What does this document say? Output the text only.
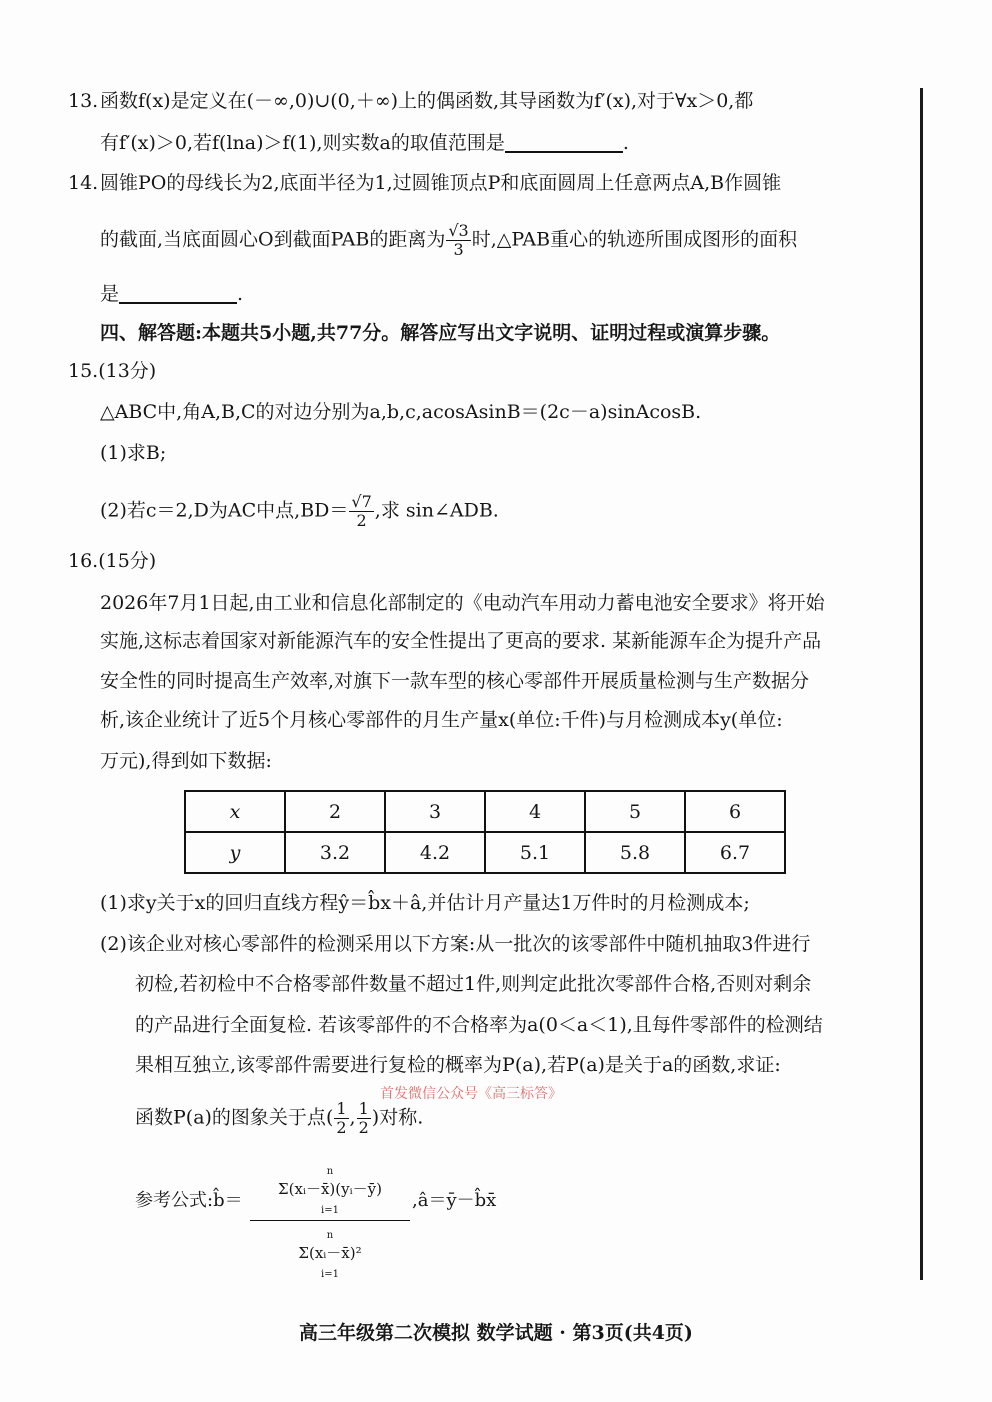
13. 函数f(x)是定义在(－∞,0)∪(0,＋∞)上的偶函数,其导函数为f′(x),对于∀x＞0,都
有f′(x)＞0,若f(lna)＞f(1),则实数a的取值范围是	.
14. 圆锥PO的母线长为2,底面半径为1,过圆锥顶点P和底面圆周上任意两点A,B作圆锥
的截面,当底面圆心O到截面PAB的距离为 $\frac{√3}{3}$ 时,△PAB重心的轨迹所围成图形的面积
是	.
四、解答题:本题共5小题,共77分。解答应写出文字说明、证明过程或演算步骤。
15.(13分)
△ABC中,角A,B,C的对边分别为a,b,c,acosAsinB＝(2c－a)sinAcosB.
(1)求B;
(2)若c＝2,D为AC中点$,BD= \frac{√7}{2}$ ,求 sin∠ADB.
16.(15分)
2026年7月1日起,由工业和信息化部制定的《电动汽车用动力蓄电池安全要求》将开始
实施,这标志着国家对新能源汽车的安全性提出了更高的要求. 某新能源车企为提升产品
安全性的同时提高生产效率,对旗下一款车型的核心零部件开展质量检测与生产数据分
析,该企业统计了近5个月核心零部件的月生产量x(单位:千件)与月检测成本y(单位:
万元),得到如下数据:
x	2	3	4	5	6
y	3.2	4.2	5.1	5.8	6.7
(1)求y关于x的回归直线方程ŷ＝b̂x＋â,并估计月产量达1万件时的月检测成本;
(2)该企业对核心零部件的检测采用以下方案:从一批次的该零部件中随机抽取3件进行
初检,若初检中不合格零部件数量不超过1件,则判定此批次零部件合格,否则对剩余
的产品进行全面复检. 若该零部件的不合格率为a(0＜a＜1),且每件零部件的检测结
果相互独立,该零部件需要进行复检的概率为P(a),若P(a)是关于a的函数,求证:
首发微信公众号《高三标答》
函数P(a)的图象关于点( $\frac{1}{2}$ , $\frac{1}{2}$ )对称.
参考公式:b̂＝
n
Σ(xᵢ－x̄)(yᵢ－ȳ)
i=1
n
Σ(xᵢ－x̄)²
i=1
,â＝ȳ－b̂x̄
高三年级第二次模拟 数学试题 · 第3页(共4页)
